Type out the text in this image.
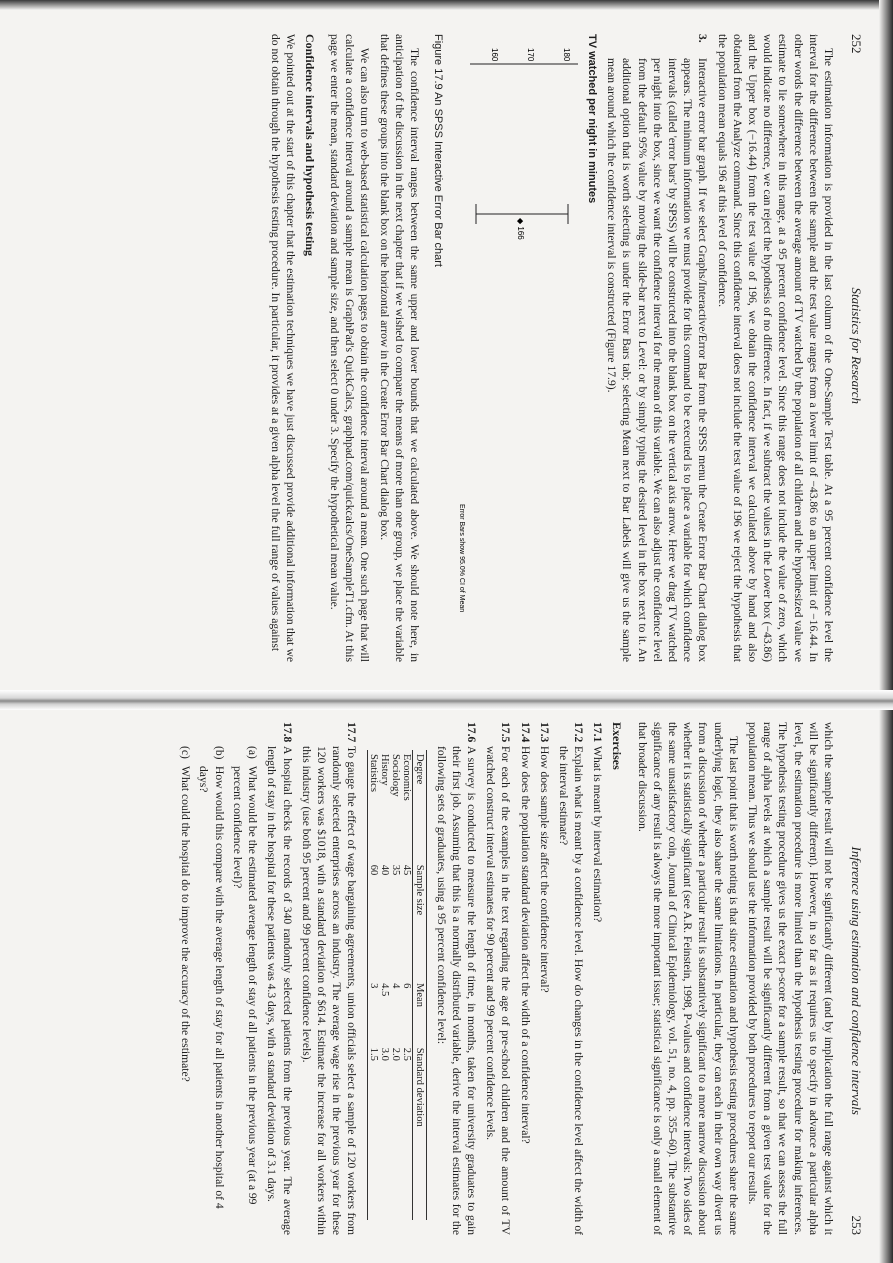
252
Statistics for Research

The estimation information is provided in the last column of the One-Sample Test table. At a 95 percent confidence level the interval for the difference between the sample and the test value ranges from a lower limit of −43.86 to an upper limit of −16.44. In other words the difference between the average amount of TV watched by the population of all children and the hypothesized value we estimate to lie somewhere in this range, at a 95 percent confidence level. Since this range does not include the value of zero, which would indicate no difference, we can reject the hypothesis of no difference. In fact, if we subtract the values in the Lower box (−43.86) and the Upper box (−16.44) from the test value of 196, we obtain the confidence interval we calculated above by hand and also obtained from the Analyze command. Since this confidence interval does not include the test value of 196 we reject the hypothesis that the population mean equals 196 at this level of confidence.

3.
Interactive error bar graph. If we select Graphs/Interactive/Error Bar from the SPSS menu the Create Error Bar Chart dialog box appears. The minimum information we must provide for this command to be executed is to place a variable for which confidence intervals (called 'error bars' by SPSS) will be constructed into the blank box on the vertical axis arrow. Here we drag TV watched per night into the box, since we want the confidence interval for the mean of this variable. We can also adjust the confidence level from the default 95% value by moving the slide-bar next to Level: or by simply typing the desired level in the box next to it. An additional option that is worth selecting is under the Error Bars tab; selecting Mean next to Bar Labels will give us the sample mean around which the confidence interval is constructed (Figure 17.9).
TV watched per night in minutes
180
170
160
◆ 166
Error Bars show 95.0% CI of Mean
Figure 17.9 An SPSS Interactive Error Bar chart

The confidence interval ranges between the same upper and lower bounds that we calculated above. We should note here, in anticipation of the discussion in the next chapter that if we wished to compare the means of more than one group, we place the variable that defines these groups into the blank box on the horizontal arrow in the Create Error Bar Chart dialog box.

We can also turn to web-based statistical calculation pages to obtain the confidence interval around a mean. One such page that will calculate a confidence interval around a sample mean is GraphPad's QuickCalcs, graphpad.com/quickcalcs/OneSampleT1.cfm. At this page we enter the mean, standard deviation and sample size, and then select 0 under 3. Specify the hypothetical mean value.

Confidence intervals and hypothesis testing

We pointed out at the start of this chapter that the estimation techniques we have just discussed provide additional information that we do not obtain through the hypothesis testing procedure. In particular, it provides at a given alpha level the full range of values against

Inference using estimation and confidence intervals
253

which the sample result will not be significantly different (and by implication the full range against which it will be significantly different). However, in so far as it requires us to specify in advance a particular alpha level, the estimation procedure is more limited than the hypothesis testing procedure for making inferences. The hypothesis testing procedure gives us the exact p-score for a sample result, so that we can assess the full range of alpha levels at which a sample result will be significantly different from a given test value for the population mean. Thus we should use the information provided by both procedures to report our results.

The last point that is worth noting is that since estimation and hypothesis testing procedures share the same underlying logic, they also share the same limitations. In particular, they can each in their own way divert us from a discussion of whether a particular result is substantively significant to a more narrow discussion about whether it is statistically significant (see A.R. Feinstein, 1998, P-values and confidence intervals: Two sides of the same unsatisfactory coin, Journal of Clinical Epidemiology, vol. 51, no. 4, pp. 355–60). The substantive significance of any result is always the more important issue; statistical significance is only a small element of that broader discussion.

Exercises
17.1
What is meant by interval estimation?
17.2
Explain what is meant by a confidence level. How do changes in the confidence level affect the width of the interval estimate?
17.3
How does sample size affect the confidence interval?
17.4
How does the population standard deviation affect the width of a confidence interval?
17.5
For each of the examples in the text regarding the age of pre-school children and the amount of TV watched construct interval estimates for 90 percent and 99 percent confidence levels.
17.6
A survey is conducted to measure the length of time, in months, taken for university graduates to gain their first job. Assuming that this is a normally distributed variable, derive the interval estimates for the following sets of graduates, using a 95 percent confidence level:
Degree	Sample size	Mean	Standard deviation
Economics	45	6	2.5
Sociology	35	4	2.0
History	40	4.5	3.0
Statistics	60	3	1.5
17.7
To gauge the effect of wage bargaining agreements, union officials select a sample of 120 workers from randomly selected enterprises across an industry. The average wage rise in the previous year for these 120 workers was $1018, with a standard deviation of $614. Estimate the increase for all workers within this industry (use both 95 percent and 99 percent confidence levels).
17.8
A hospital checks the records of 340 randomly selected patients from the previous year. The average length of stay in the hospital for these patients was 4.3 days, with a standard deviation of 3.1 days.
(a)
What would be the estimated average length of stay of all patients in the previous year (at a 99 percent confidence level)?
(b)
How would this compare with the average length of stay for all patients in another hospital of 4 days?
(c)
What could the hospital do to improve the accuracy of the estimate?
